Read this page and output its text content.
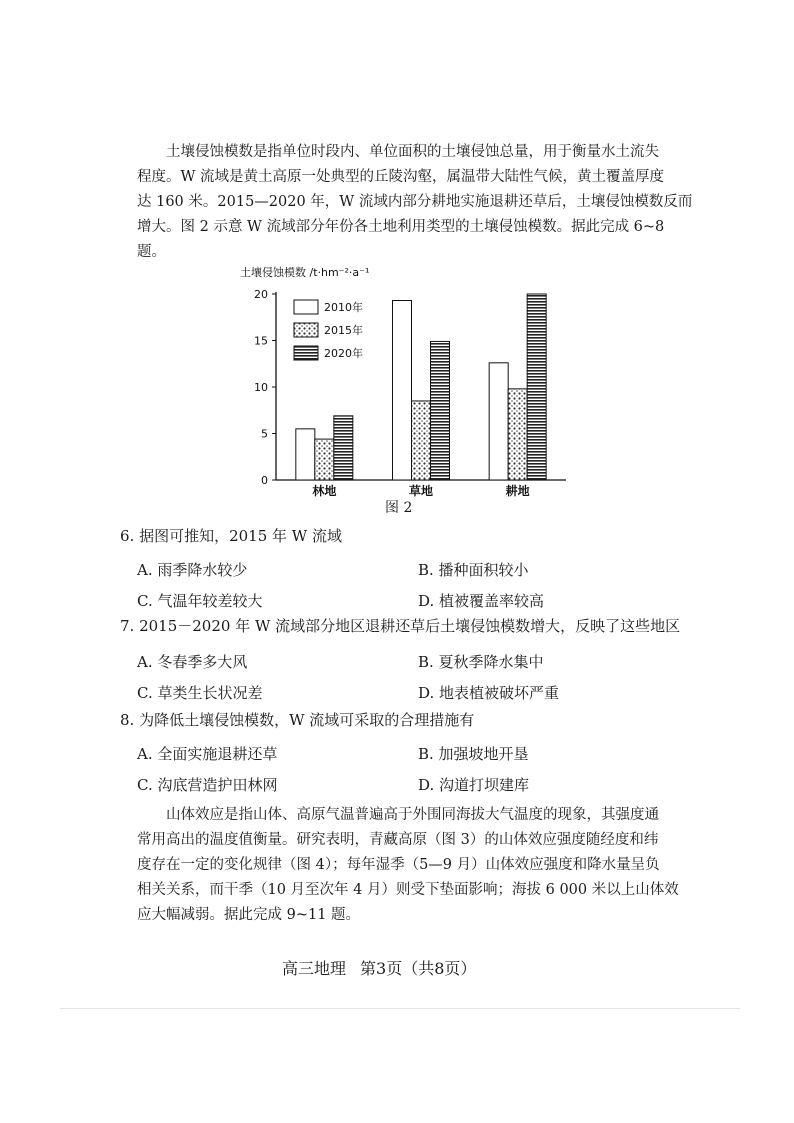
土壤侵蚀模数是指单位时段内、单位面积的土壤侵蚀总量，用于衡量水土流失
程度。W 流域是黄土高原一处典型的丘陵沟壑，属温带大陆性气候，黄土覆盖厚度
达 160 米。2015—2020 年，W 流域内部分耕地实施退耕还草后，土壤侵蚀模数反而
增大。图 2 示意 W 流域部分年份各土地利用类型的土壤侵蚀模数。据此完成 6~8
题。
土壤侵蚀模数 /t·hm⁻²·a⁻¹
0
5
10
15
20
林地	草地	耕地
2010年
2015年
2020年
图 2
6. 据图可推知，2015 年 W 流域
A. 雨季降水较少	B. 播种面积较小
C. 气温年较差较大	D. 植被覆盖率较高
7. 2015－2020 年 W 流域部分地区退耕还草后土壤侵蚀模数增大，反映了这些地区
A. 冬春季多大风	B. 夏秋季降水集中
C. 草类生长状况差	D. 地表植被破坏严重
8. 为降低土壤侵蚀模数，W 流域可采取的合理措施有
A. 全面实施退耕还草	B. 加强坡地开垦
C. 沟底营造护田林网	D. 沟道打坝建库
山体效应是指山体、高原气温普遍高于外围同海拔大气温度的现象，其强度通
常用高出的温度值衡量。研究表明，青藏高原（图 3）的山体效应强度随经度和纬
度存在一定的变化规律（图 4）；每年湿季（5—9 月）山体效应强度和降水量呈负
相关关系，而干季（10 月至次年 4 月）则受下垫面影响；海拔 6 000 米以上山体效
应大幅减弱。据此完成 9~11 题。
高三地理 第3页（共8页）
